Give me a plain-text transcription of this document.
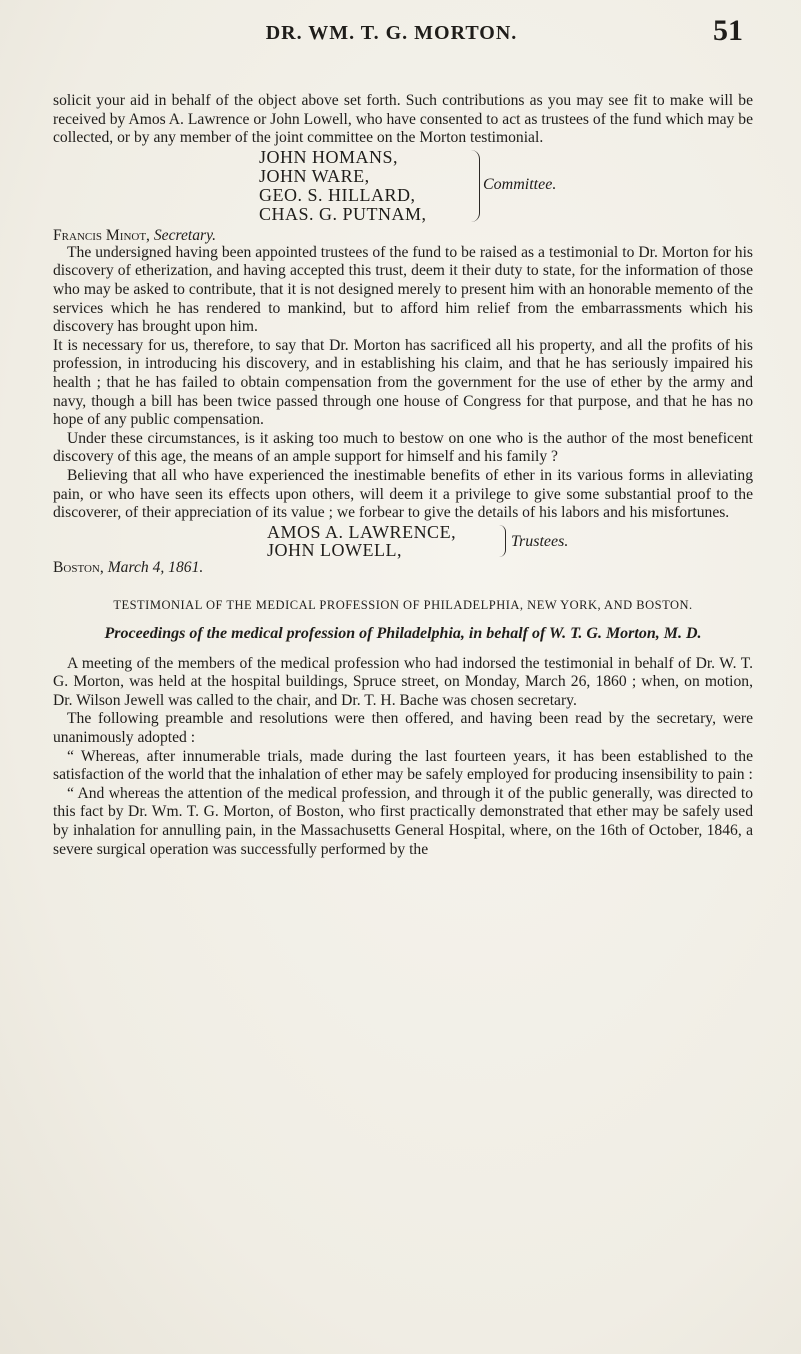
DR. WM. T. G. MORTON.	51

solicit your aid in behalf of the object above set forth. Such contributions as you may see fit to make will be received by Amos A. Lawrence or John Lowell, who have consented to act as trustees of the fund which may be collected, or by any member of the joint committee on the Morton testimonial.

JOHN HOMANS,
JOHN WARE,
GEO. S. HILLARD,
CHAS. G. PUTNAM,
Committee.
Francis Minot, Secretary.

The undersigned having been appointed trustees of the fund to be raised as a testimonial to Dr. Morton for his discovery of etherization, and having accepted this trust, deem it their duty to state, for the information of those who may be asked to contribute, that it is not designed merely to present him with an honorable memento of the services which he has rendered to mankind, but to afford him relief from the embarrassments which his discovery has brought upon him.

It is necessary for us, therefore, to say that Dr. Morton has sacrificed all his property, and all the profits of his profession, in introducing his discovery, and in establishing his claim, and that he has seriously impaired his health ; that he has failed to obtain compensation from the government for the use of ether by the army and navy, though a bill has been twice passed through one house of Congress for that purpose, and that he has no hope of any public compensation.

Under these circumstances, is it asking too much to bestow on one who is the author of the most beneficent discovery of this age, the means of an ample support for himself and his family ?

Believing that all who have experienced the inestimable benefits of ether in its various forms in alleviating pain, or who have seen its effects upon others, will deem it a privilege to give some substantial proof to the discoverer, of their appreciation of its value ; we forbear to give the details of his labors and his misfortunes.

AMOS A. LAWRENCE,
JOHN LOWELL,	Trustees.
Boston, March 4, 1861.
TESTIMONIAL OF THE MEDICAL PROFESSION OF PHILADELPHIA, NEW YORK, AND BOSTON.
Proceedings of the medical profession of Philadelphia, in behalf of W. T. G. Morton, M. D.

A meeting of the members of the medical profession who had indorsed the testimonial in behalf of Dr. W. T. G. Morton, was held at the hospital buildings, Spruce street, on Monday, March 26, 1860 ; when, on motion, Dr. Wilson Jewell was called to the chair, and Dr. T. H. Bache was chosen secretary.

The following preamble and resolutions were then offered, and having been read by the secretary, were unanimously adopted :

“ Whereas, after innumerable trials, made during the last fourteen years, it has been established to the satisfaction of the world that the inhalation of ether may be safely employed for producing insensibility to pain :

“ And whereas the attention of the medical profession, and through it of the public generally, was directed to this fact by Dr. Wm. T. G. Morton, of Boston, who first practically demonstrated that ether may be safely used by inhalation for annulling pain, in the Massachusetts General Hospital, where, on the 16th of October, 1846, a severe surgical operation was successfully performed by the
